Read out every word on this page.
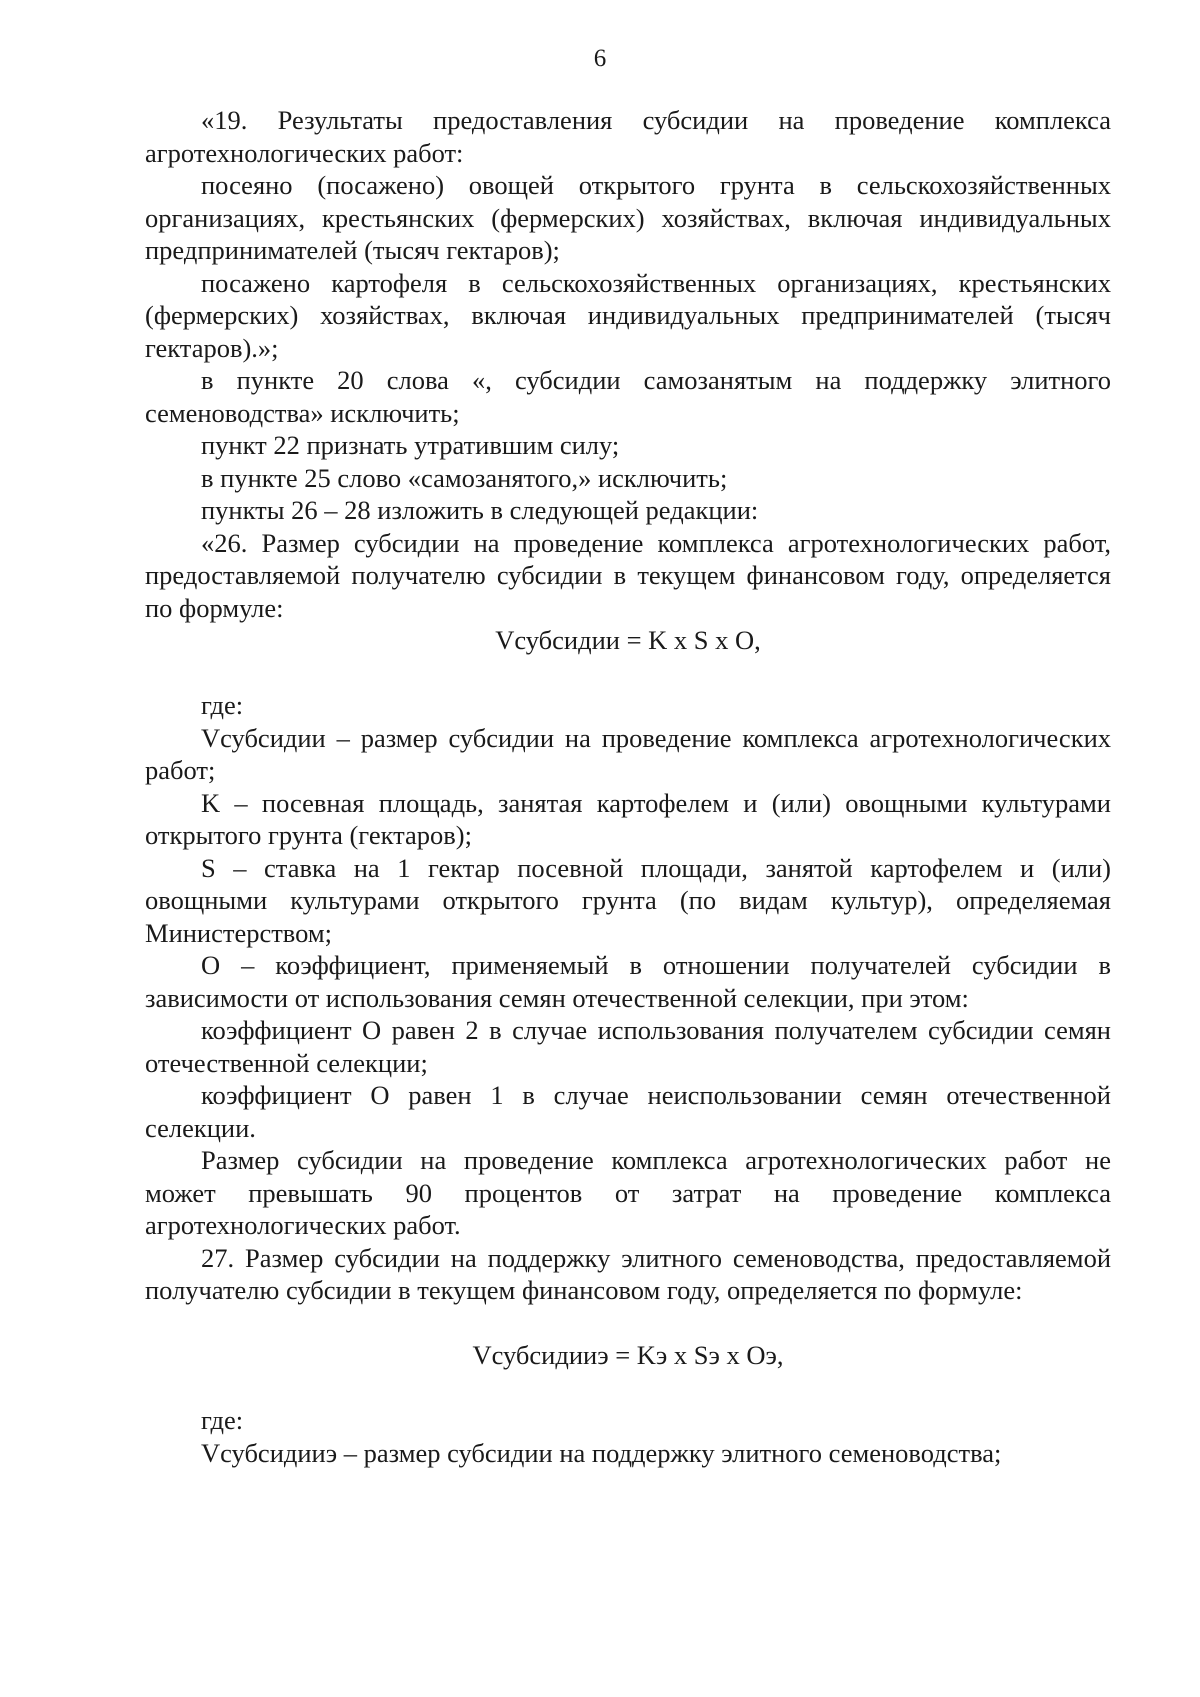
6

«19. Результаты предоставления субсидии на проведение комплекса агротехнологических работ:

посеяно (посажено) овощей открытого грунта в сельскохозяйственных организациях, крестьянских (фермерских) хозяйствах, включая индивидуальных предпринимателей (тысяч гектаров);

посажено картофеля в сельскохозяйственных организациях, крестьянских (фермерских) хозяйствах, включая индивидуальных предпринимателей (тысяч гектаров).»;

в пункте 20 слова «, субсидии самозанятым на поддержку элитного семеноводства» исключить;

пункт 22 признать утратившим силу;

в пункте 25 слово «самозанятого,» исключить;

пункты 26 – 28 изложить в следующей редакции:

«26. Размер субсидии на проведение комплекса агротехнологических работ, предоставляемой получателю субсидии в текущем финансовом году, определяется по формуле:

Vсубсидии = K x S x O,

где:

Vсубсидии – размер субсидии на проведение комплекса агротехнологических работ;

K – посевная площадь, занятая картофелем и (или) овощными культурами открытого грунта (гектаров);

S – ставка на 1 гектар посевной площади, занятой картофелем и (или) овощными культурами открытого грунта (по видам культур), определяемая Министерством;

O – коэффициент, применяемый в отношении получателей субсидии в зависимости от использования семян отечественной селекции, при этом:

коэффициент O равен 2 в случае использования получателем субсидии семян отечественной селекции;

коэффициент O равен 1 в случае неиспользовании семян отечественной селекции.

Размер субсидии на проведение комплекса агротехнологических работ не может превышать 90 процентов от затрат на проведение комплекса агротехнологических работ.

27. Размер субсидии на поддержку элитного семеноводства, предоставляемой получателю субсидии в текущем финансовом году, определяется по формуле:

Vсубсидииэ = Kэ x Sэ x Oэ,

где:

Vсубсидииэ – размер субсидии на поддержку элитного семеноводства;
